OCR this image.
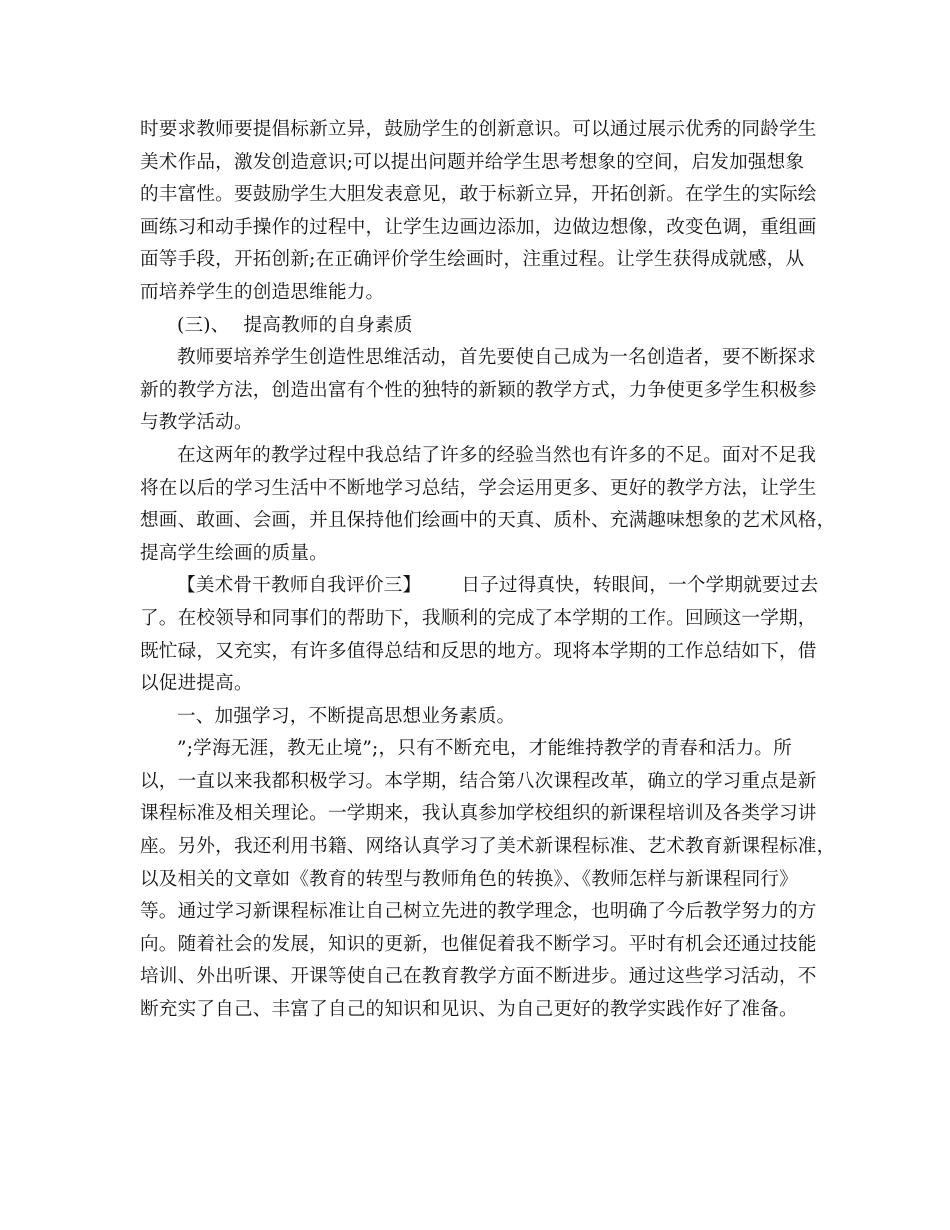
时要求教师要提倡标新立异，鼓励学生的创新意识。可以通过展示优秀的同龄学生
美术作品，激发创造意识;可以提出问题并给学生思考想象的空间，启发加强想象
的丰富性。要鼓励学生大胆发表意见，敢于标新立异，开拓创新。在学生的实际绘
画练习和动手操作的过程中，让学生边画边添加，边做边想像，改变色调，重组画
面等手段，开拓创新;在正确评价学生绘画时，注重过程。让学生获得成就感，从
而培养学生的创造思维能力。
(三)、 提高教师的自身素质
教师要培养学生创造性思维活动，首先要使自己成为一名创造者，要不断探求
新的教学方法，创造出富有个性的独特的新颖的教学方式，力争使更多学生积极参
与教学活动。
在这两年的教学过程中我总结了许多的经验当然也有许多的不足。面对不足我
将在以后的学习生活中不断地学习总结，学会运用更多、更好的教学方法，让学生
想画、敢画、会画，并且保持他们绘画中的天真、质朴、充满趣味想象的艺术风格，
提高学生绘画的质量。
【美术骨干教师自我评价三】 日子过得真快，转眼间，一个学期就要过去
了。在校领导和同事们的帮助下，我顺利的完成了本学期的工作。回顾这一学期，
既忙碌，又充实，有许多值得总结和反思的地方。现将本学期的工作总结如下，借
以促进提高。
一、加强学习，不断提高思想业务素质。
”;学海无涯，教无止境”;，只有不断充电，才能维持教学的青春和活力。所
以，一直以来我都积极学习。本学期，结合第八次课程改革，确立的学习重点是新
课程标准及相关理论。一学期来，我认真参加学校组织的新课程培训及各类学习讲
座。另外，我还利用书籍、网络认真学习了美术新课程标准、艺术教育新课程标准，
以及相关的文章如《教育的转型与教师角色的转换》、《教师怎样与新课程同行》
等。通过学习新课程标准让自己树立先进的教学理念，也明确了今后教学努力的方
向。随着社会的发展，知识的更新，也催促着我不断学习。平时有机会还通过技能
培训、外出听课、开课等使自己在教育教学方面不断进步。通过这些学习活动，不
断充实了自己、丰富了自己的知识和见识、为自己更好的教学实践作好了准备。
